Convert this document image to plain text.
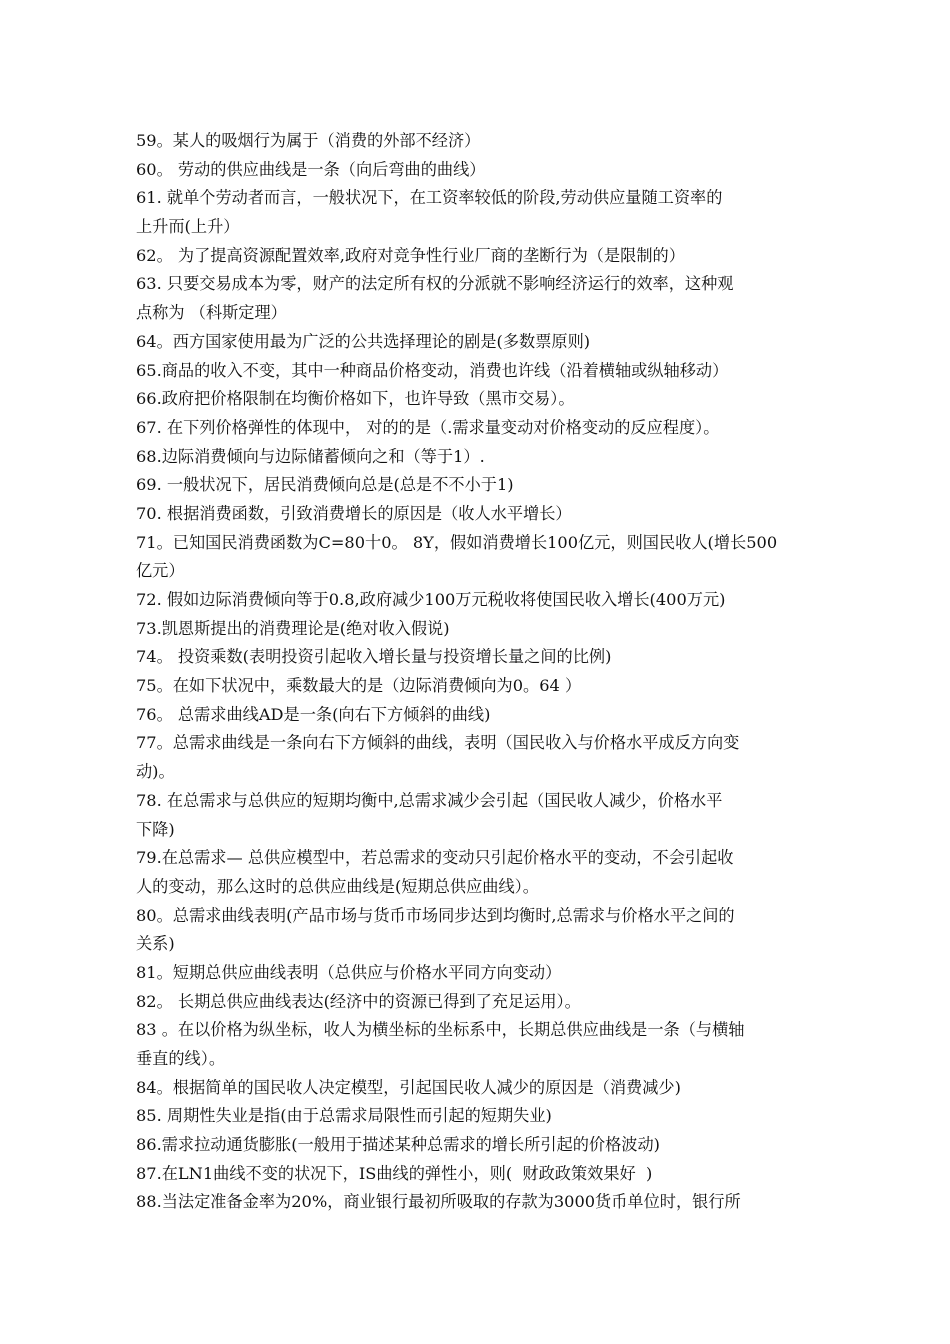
59。某人的吸烟行为属于（消费的外部不经济）
60。 劳动的供应曲线是一条（向后弯曲的曲线）
61. 就单个劳动者而言，一般状况下，在工资率较低的阶段,劳动供应量随工资率的
上升而(上升）
62。 为了提高资源配置效率,政府对竞争性行业厂商的垄断行为（是限制的）
63. 只要交易成本为零，财产的法定所有权的分派就不影响经济运行的效率，这种观
点称为 （科斯定理）
64。西方国家使用最为广泛的公共选择理论的剧是(多数票原则)
65.商品的收入不变，其中一种商品价格变动，消费也许线（沿着横轴或纵轴移动）
66.政府把价格限制在均衡价格如下，也许导致（黑市交易）。
67. 在下列价格弹性的体现中， 对的的是（.需求量变动对价格变动的反应程度）。
68.边际消费倾向与边际储蓄倾向之和（等于1）.
69. 一般状况下，居民消费倾向总是(总是不不小于1)
70. 根据消费函数，引致消费增长的原因是（收人水平增长）
71。已知国民消费函数为C=80十0。 8Y，假如消费增长100亿元，则国民收人(增长500
亿元）
72. 假如边际消费倾向等于0.8,政府减少100万元税收将使国民收入增长(400万元)
73.凯恩斯提出的消费理论是(绝对收入假说)
74。 投资乘数(表明投资引起收入增长量与投资增长量之间的比例)
75。在如下状况中，乘数最大的是（边际消费倾向为0。64 ）
76。 总需求曲线AD是一条(向右下方倾斜的曲线)
77。总需求曲线是一条向右下方倾斜的曲线，表明（国民收入与价格水平成反方向变
动)。
78. 在总需求与总供应的短期均衡中,总需求减少会引起（国民收人减少，价格水平
下降)
79.在总需求— 总供应模型中，若总需求的变动只引起价格水平的变动，不会引起收
人的变动，那么这时的总供应曲线是(短期总供应曲线）。
80。总需求曲线表明(产品市场与货币市场同步达到均衡时,总需求与价格水平之间的
关系)
81。短期总供应曲线表明（总供应与价格水平同方向变动）
82。 长期总供应曲线表达(经济中的资源已得到了充足运用）。
83 。在以价格为纵坐标，收人为横坐标的坐标系中，长期总供应曲线是一条（与横轴
垂直的线）。
84。根据简单的国民收人决定模型，引起国民收人减少的原因是（消费减少)
85. 周期性失业是指(由于总需求局限性而引起的短期失业)
86.需求拉动通货膨胀(一般用于描述某种总需求的增长所引起的价格波动)
87.在LN1曲线不变的状况下，IS曲线的弹性小，则(  财政政策效果好  )
88.当法定准备金率为20%，商业银行最初所吸取的存款为3000货币单位时，银行所
